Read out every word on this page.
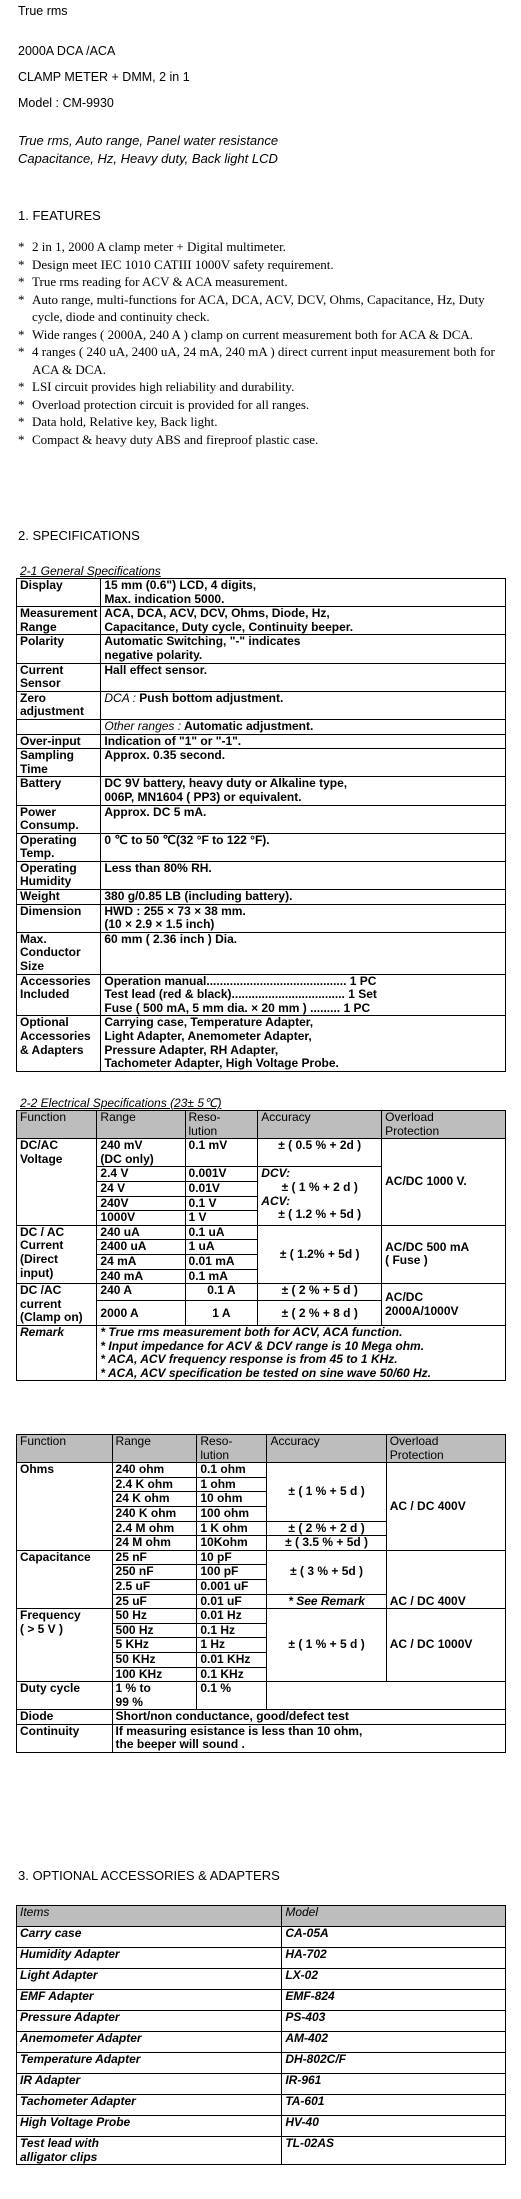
True rms
2000A DCA /ACA
CLAMP METER + DMM, 2 in 1
Model : CM-9930
True rms, Auto range, Panel water resistance
Capacitance, Hz, Heavy duty, Back light LCD
1. FEATURES
* 2 in 1, 2000 A clamp meter + Digital multimeter.
* Design meet IEC 1010 CATIII 1000V safety requirement.
* True rms reading for ACV & ACA measurement.
* Auto range, multi-functions for ACA, DCA, ACV, DCV, Ohms, Capacitance, Hz, Duty cycle, diode and continuity check.
* Wide ranges ( 2000A, 240 A ) clamp on current measurement both for ACA & DCA.
* 4 ranges ( 240 uA, 2400 uA, 24 mA, 240 mA ) direct current input measurement both for ACA & DCA.
* LSI circuit provides high reliability and durability.
* Overload protection circuit is provided for all ranges.
* Data hold, Relative key, Back light.
* Compact & heavy duty ABS and fireproof plastic case.
2. SPECIFICATIONS
2-1 General Specifications
Display	15 mm (0.6") LCD, 4 digits,
Max. indication 5000.
Measurement Range	ACA, DCA, ACV, DCV, Ohms, Diode, Hz,
Capacitance, Duty cycle, Continuity beeper.
Polarity	Automatic Switching, "-" indicates
negative polarity.
Current Sensor	Hall effect sensor.
Zero adjustment	DCA : Push bottom adjustment.
	Other ranges : Automatic adjustment.
Over-input	Indication of "1" or "-1".
Sampling Time	Approx. 0.35 second.
Battery	DC 9V battery, heavy duty or Alkaline type,
006P, MN1604 ( PP3) or equivalent.
Power Consump.	Approx. DC 5 mA.
Operating Temp.	0 ℃ to 50 ℃(32 °F to 122 °F).
Operating Humidity	Less than 80% RH.
Weight	380 g/0.85 LB (including battery).
Dimension	HWD : 255 × 73 × 38 mm.
(10 × 2.9 × 1.5 inch)
Max. Conductor Size	60 mm ( 2.36 inch ) Dia.
Accessories Included	Operation manual.......................................... 1 PC
Test lead (red & black).................................. 1 Set
Fuse ( 500 mA, 5 mm dia. × 20 mm ) ......... 1 PC
Optional Accessories & Adapters	Carrying case, Temperature Adapter,
Light Adapter, Anemometer Adapter,
Pressure Adapter, RH Adapter,
Tachometer Adapter, High Voltage Probe.
2-2 Electrical Specifications (23± 5℃)
Function	Range	Reso-
lution	Accuracy	Overload
Protection
DC/AC
Voltage	240 mV
(DC only)	0.1 mV	± ( 0.5 % + 2d )	AC/DC 1000 V.
	2.4 V	0.001V	DCV:
± ( 1 % + 2 d )
ACV:
± ( 1.2 % + 5d )	

	24 V	0.01V		
	240V	0.1 V		
	1000V	1 V		
DC / AC
Current
(Direct input)	240 uA	0.1 uA	± ( 1.2% + 5d )	AC/DC 500 mA
( Fuse )
	2400 uA	1 uA		
	24 mA	0.01 mA		
	240 mA	0.1 mA		
DC /AC
current
(Clamp on)	240 A	0.1 A	± ( 2 % + 5 d )	AC/DC
2000A/1000V
	2000 A	1 A	± ( 2 % + 8 d )	
Remark	* True rms measurement both for ACV, ACA function.
* Input impedance for ACV & DCV range is 10 Mega ohm.
* ACA, ACV frequency response is from 45 to 1 KHz.
* ACA, ACV specification be tested on sine wave 50/60 Hz.			
Function	Range	Reso-
lution	Accuracy	Overload
Protection
Ohms	240 ohm	0.1 ohm	± ( 1 % + 5 d )	AC / DC 400V
	2.4 K ohm	1 ohm		
	24 K ohm	10 ohm		
	240 K ohm	100 ohm		
	2.4 M ohm	1 K ohm	± ( 2 % + 2 d )	
	24 M ohm	10Kohm	± ( 3.5 % + 5d )	
Capacitance	25 nF	10 pF	± ( 3 % + 5d )	AC / DC 400V
	250 nF	100 pF		
	2.5 uF	0.001 uF		
	25 uF	0.01 uF	* See Remark	
Frequency
( > 5 V )	50 Hz	0.01 Hz	± ( 1 % + 5 d )	AC / DC 1000V
	500 Hz	0.1 Hz		
	5 KHz	1 Hz		
	50 KHz	0.01 KHz		
	100 KHz	0.1 KHz		
Duty cycle	1 % to
99 %	0.1 %		
Diode	Short/non conductance, good/defect test			
Continuity	If measuring esistance is less than 10 ohm,
the beeper will sound .			
3. OPTIONAL ACCESSORIES & ADAPTERS
Items	Model
Carry case	CA-05A
Humidity Adapter	HA-702
Light Adapter	LX-02
EMF Adapter	EMF-824
Pressure Adapter	PS-403
Anemometer Adapter	AM-402
Temperature Adapter	DH-802C/F
IR Adapter	IR-961
Tachometer Adapter	TA-601
High Voltage Probe	HV-40
Test lead with
alligator clips	TL-02AS
